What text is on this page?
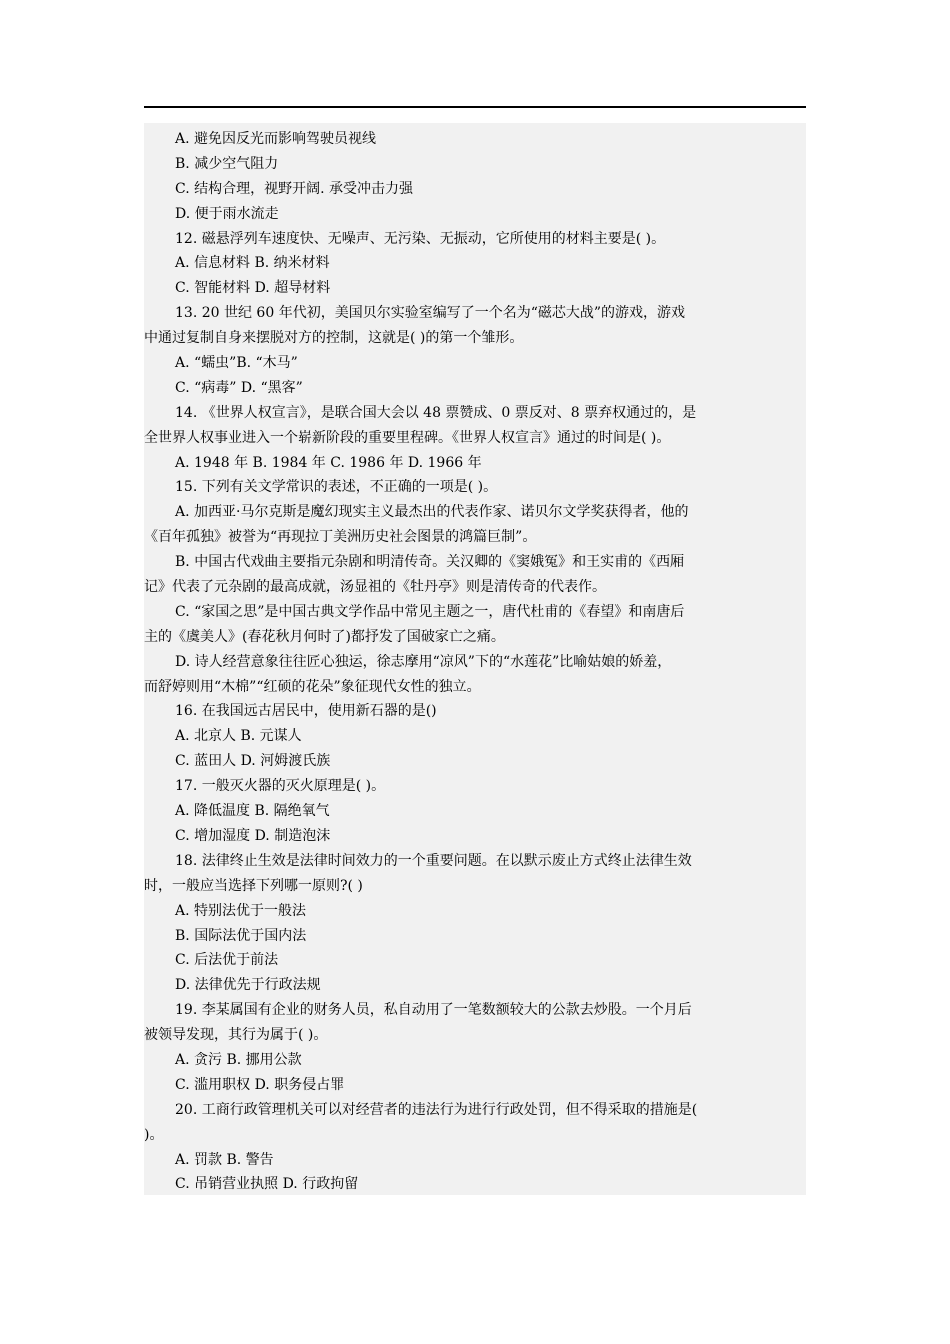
A. 避免因反光而影响驾驶员视线
B. 减少空气阻力
C. 结构合理，视野开阔. 承受冲击力强
D. 便于雨水流走
12. 磁悬浮列车速度快、无噪声、无污染、无振动，它所使用的材料主要是( )。
A. 信息材料 B. 纳米材料
C. 智能材料 D. 超导材料
13. 20 世纪 60 年代初，美国贝尔实验室编写了一个名为“磁芯大战”的游戏，游戏
中通过复制自身来摆脱对方的控制，这就是( )的第一个雏形。
A. “蠕虫”B. “木马”
C. “病毒” D. “黑客”
14. 《世界人权宣言》，是联合国大会以 48 票赞成、0 票反对、8 票弃权通过的，是
全世界人权事业进入一个崭新阶段的重要里程碑。《世界人权宣言》通过的时间是( )。
A. 1948 年 B. 1984 年 C. 1986 年 D. 1966 年
15. 下列有关文学常识的表述，不正确的一项是( )。
A. 加西亚·马尔克斯是魔幻现实主义最杰出的代表作家、诺贝尔文学奖获得者，他的
《百年孤独》被誉为“再现拉丁美洲历史社会图景的鸿篇巨制”。
B. 中国古代戏曲主要指元杂剧和明清传奇。关汉卿的《窦娥冤》和王实甫的《西厢
记》代表了元杂剧的最高成就，汤显祖的《牡丹亭》则是清传奇的代表作。
C. “家国之思”是中国古典文学作品中常见主题之一，唐代杜甫的《春望》和南唐后
主的《虞美人》(春花秋月何时了)都抒发了国破家亡之痛。
D. 诗人经营意象往往匠心独运，徐志摩用“凉风”下的“水莲花”比喻姑娘的娇羞，
而舒婷则用“木棉”“红硕的花朵”象征现代女性的独立。
16. 在我国远古居民中，使用新石器的是()
A. 北京人 B. 元谋人
C. 蓝田人 D. 河姆渡氏族
17. 一般灭火器的灭火原理是( )。
A. 降低温度 B. 隔绝氧气
C. 增加湿度 D. 制造泡沫
18. 法律终止生效是法律时间效力的一个重要问题。在以默示废止方式终止法律生效
时，一般应当选择下列哪一原则?( )
A. 特别法优于一般法
B. 国际法优于国内法
C. 后法优于前法
D. 法律优先于行政法规
19. 李某属国有企业的财务人员，私自动用了一笔数额较大的公款去炒股。一个月后
被领导发现，其行为属于( )。
A. 贪污 B. 挪用公款
C. 滥用职权 D. 职务侵占罪
20. 工商行政管理机关可以对经营者的违法行为进行行政处罚，但不得采取的措施是(
)。
A. 罚款 B. 警告
C. 吊销营业执照 D. 行政拘留
